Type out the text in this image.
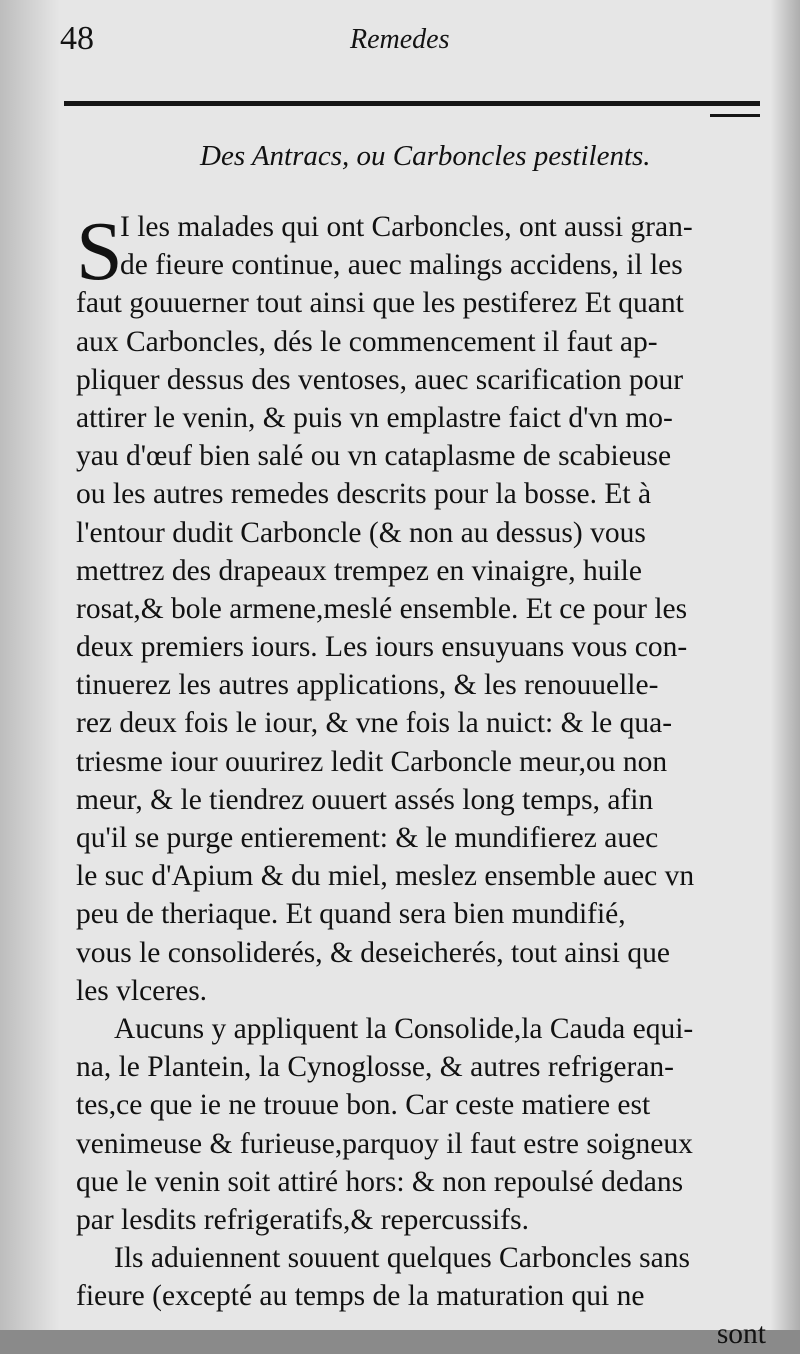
48	Remedes
Des Antracs, ou Carboncles pestilents.
S
I les malades qui ont Carboncles, ont aussi gran-
de fieure continue, auec malings accidens, il les
faut gouuerner tout ainsi que les pestiferez Et quant
aux Carboncles, dés le commencement il faut ap-
pliquer dessus des ventoses, auec scarification pour
attirer le venin, & puis vn emplastre faict d'vn mo-
yau d'œuf bien salé ou vn cataplasme de scabieuse
ou les autres remedes descrits pour la bosse. Et à
l'entour dudit Carboncle (& non au dessus) vous
mettrez des drapeaux trempez en vinaigre, huile
rosat,& bole armene,meslé ensemble. Et ce pour les
deux premiers iours. Les iours ensuyuans vous con-
tinuerez les autres applications, & les renouuelle-
rez deux fois le iour, & vne fois la nuict: & le qua-
triesme iour ouurirez ledit Carboncle meur,ou non
meur, & le tiendrez ouuert assés long temps, afin
qu'il se purge entierement: & le mundifierez auec
le suc d'Apium & du miel, meslez ensemble auec vn
peu de theriaque. Et quand sera bien mundifié,
vous le consoliderés, & deseicherés, tout ainsi que
les vlceres.
Aucuns y appliquent la Consolide,la Cauda equi-
na, le Plantein, la Cynoglosse, & autres refrigeran-
tes,ce que ie ne trouue bon. Car ceste matiere est
venimeuse & furieuse,parquoy il faut estre soigneux
que le venin soit attiré hors: & non repoulsé dedans
par lesdits refrigeratifs,& repercussifs.
Ils aduiennent souuent quelques Carboncles sans
fieure (excepté au temps de la maturation qui ne
sont
